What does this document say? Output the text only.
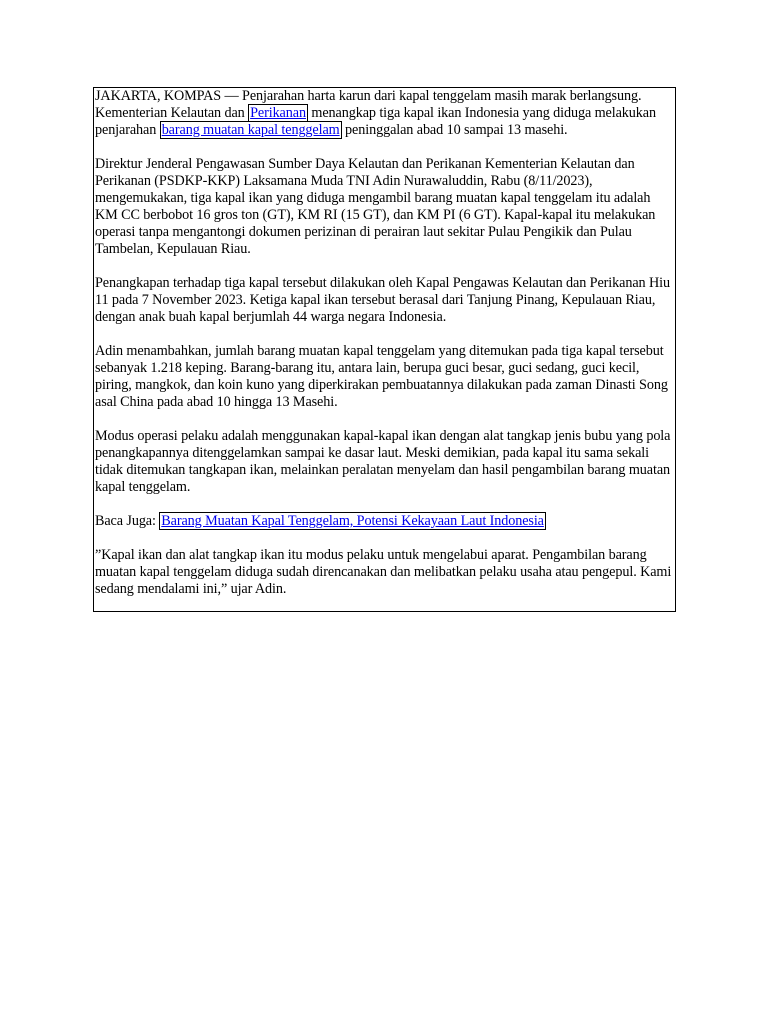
JAKARTA, KOMPAS — Penjarahan harta karun dari kapal tenggelam masih marak berlangsung. Kementerian Kelautan dan Perikanan menangkap tiga kapal ikan Indonesia yang diduga melakukan penjarahan barang muatan kapal tenggelam peninggalan abad 10 sampai 13 masehi.

Direktur Jenderal Pengawasan Sumber Daya Kelautan dan Perikanan Kementerian Kelautan dan Perikanan (PSDKP-KKP) Laksamana Muda TNI Adin Nurawaluddin, Rabu (8/11/2023), mengemukakan, tiga kapal ikan yang diduga mengambil barang muatan kapal tenggelam itu adalah KM CC berbobot 16 gros ton (GT), KM RI (15 GT), dan KM PI (6 GT). Kapal-kapal itu melakukan operasi tanpa mengantongi dokumen perizinan di perairan laut sekitar Pulau Pengikik dan Pulau Tambelan, Kepulauan Riau.

Penangkapan terhadap tiga kapal tersebut dilakukan oleh Kapal Pengawas Kelautan dan Perikanan Hiu 11 pada 7 November 2023. Ketiga kapal ikan tersebut berasal dari Tanjung Pinang, Kepulauan Riau, dengan anak buah kapal berjumlah 44 warga negara Indonesia.

Adin menambahkan, jumlah barang muatan kapal tenggelam yang ditemukan pada tiga kapal tersebut sebanyak 1.218 keping. Barang-barang itu, antara lain, berupa guci besar, guci sedang, guci kecil, piring, mangkok, dan koin kuno yang diperkirakan pembuatannya dilakukan pada zaman Dinasti Song asal China pada abad 10 hingga 13 Masehi.

Modus operasi pelaku adalah menggunakan kapal-kapal ikan dengan alat tangkap jenis bubu yang pola penangkapannya ditenggelamkan sampai ke dasar laut. Meski demikian, pada kapal itu sama sekali tidak ditemukan tangkapan ikan, melainkan peralatan menyelam dan hasil pengambilan barang muatan kapal tenggelam.

Baca Juga: Barang Muatan Kapal Tenggelam, Potensi Kekayaan Laut Indonesia

”Kapal ikan dan alat tangkap ikan itu modus pelaku untuk mengelabui aparat. Pengambilan barang muatan kapal tenggelam diduga sudah direncanakan dan melibatkan pelaku usaha atau pengepul. Kami sedang mendalami ini,” ujar Adin.
